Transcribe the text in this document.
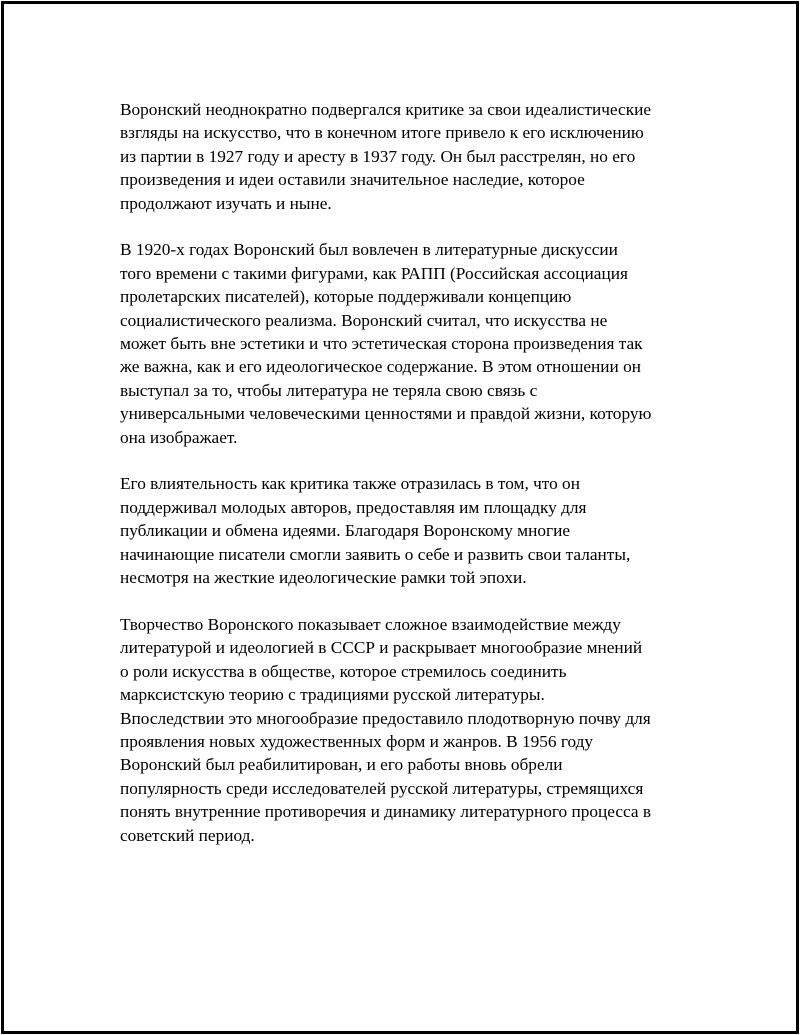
Воронский неоднократно подвергался критике за свои идеалистические
взгляды на искусство, что в конечном итоге привело к его исключению
из партии в 1927 году и аресту в 1937 году. Он был расстрелян, но его
произведения и идеи оставили значительное наследие, которое
продолжают изучать и ныне.

В 1920-х годах Воронский был вовлечен в литературные дискуссии
того времени с такими фигурами, как РАПП (Российская ассоциация
пролетарских писателей), которые поддерживали концепцию
социалистического реализма. Воронский считал, что искусства не
может быть вне эстетики и что эстетическая сторона произведения так
же важна, как и его идеологическое содержание. В этом отношении он
выступал за то, чтобы литература не теряла свою связь с
универсальными человеческими ценностями и правдой жизни, которую
она изображает.

Его влиятельность как критика также отразилась в том, что он
поддерживал молодых авторов, предоставляя им площадку для
публикации и обмена идеями. Благодаря Воронскому многие
начинающие писатели смогли заявить о себе и развить свои таланты,
несмотря на жесткие идеологические рамки той эпохи.

Творчество Воронского показывает сложное взаимодействие между
литературой и идеологией в СССР и раскрывает многообразие мнений
о роли искусства в обществе, которое стремилось соединить
марксистскую теорию с традициями русской литературы.
Впоследствии это многообразие предоставило плодотворную почву для
проявления новых художественных форм и жанров. В 1956 году
Воронский был реабилитирован, и его работы вновь обрели
популярность среди исследователей русской литературы, стремящихся
понять внутренние противоречия и динамику литературного процесса в
советский период.
